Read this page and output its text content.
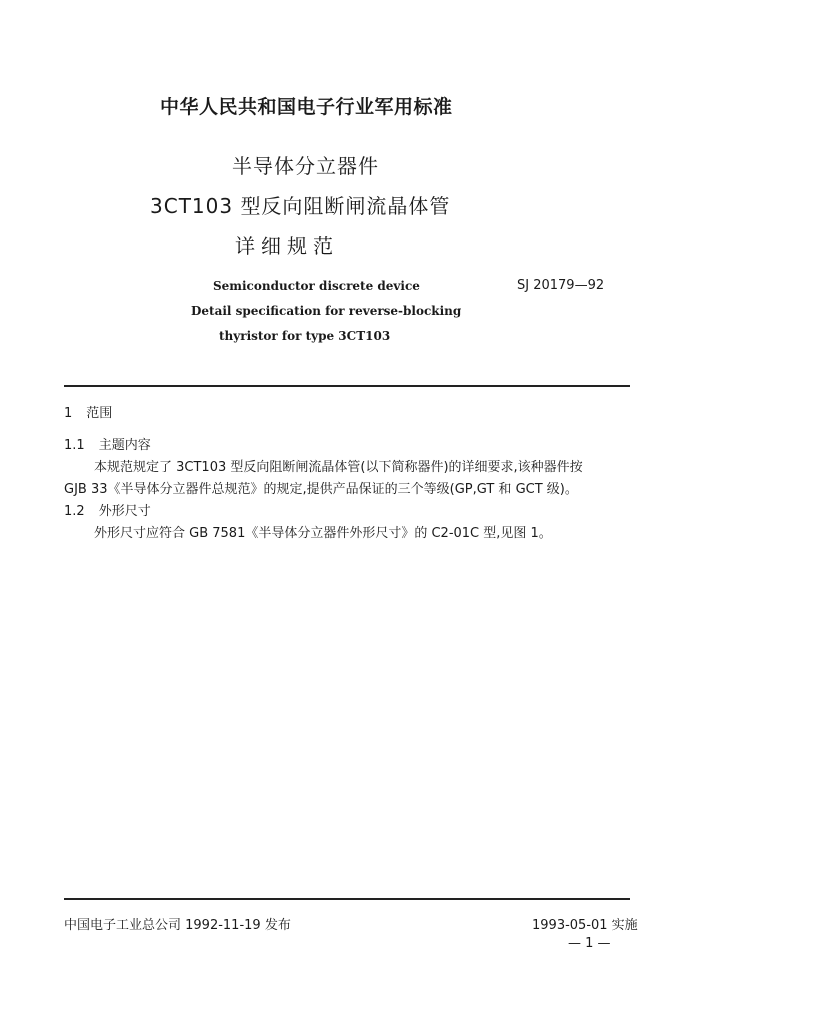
中华人民共和国电子行业军用标准
半导体分立器件
3CT103 型反向阻断闸流晶体管
详细规范
Semiconductor discrete device
Detail specification for reverse-blocking
thyristor for type 3CT103
SJ 20179—92
1 范围
1.1 主题内容
本规范规定了 3CT103 型反向阻断闸流晶体管(以下简称器件)的详细要求,该种器件按
GJB 33《半导体分立器件总规范》的规定,提供产品保证的三个等级(GP,GT 和 GCT 级)。
1.2 外形尺寸
外形尺寸应符合 GB 7581《半导体分立器件外形尺寸》的 C2-01C 型,见图 1。
中国电子工业总公司 1992-11-19 发布	1993-05-01 实施
— 1 —
